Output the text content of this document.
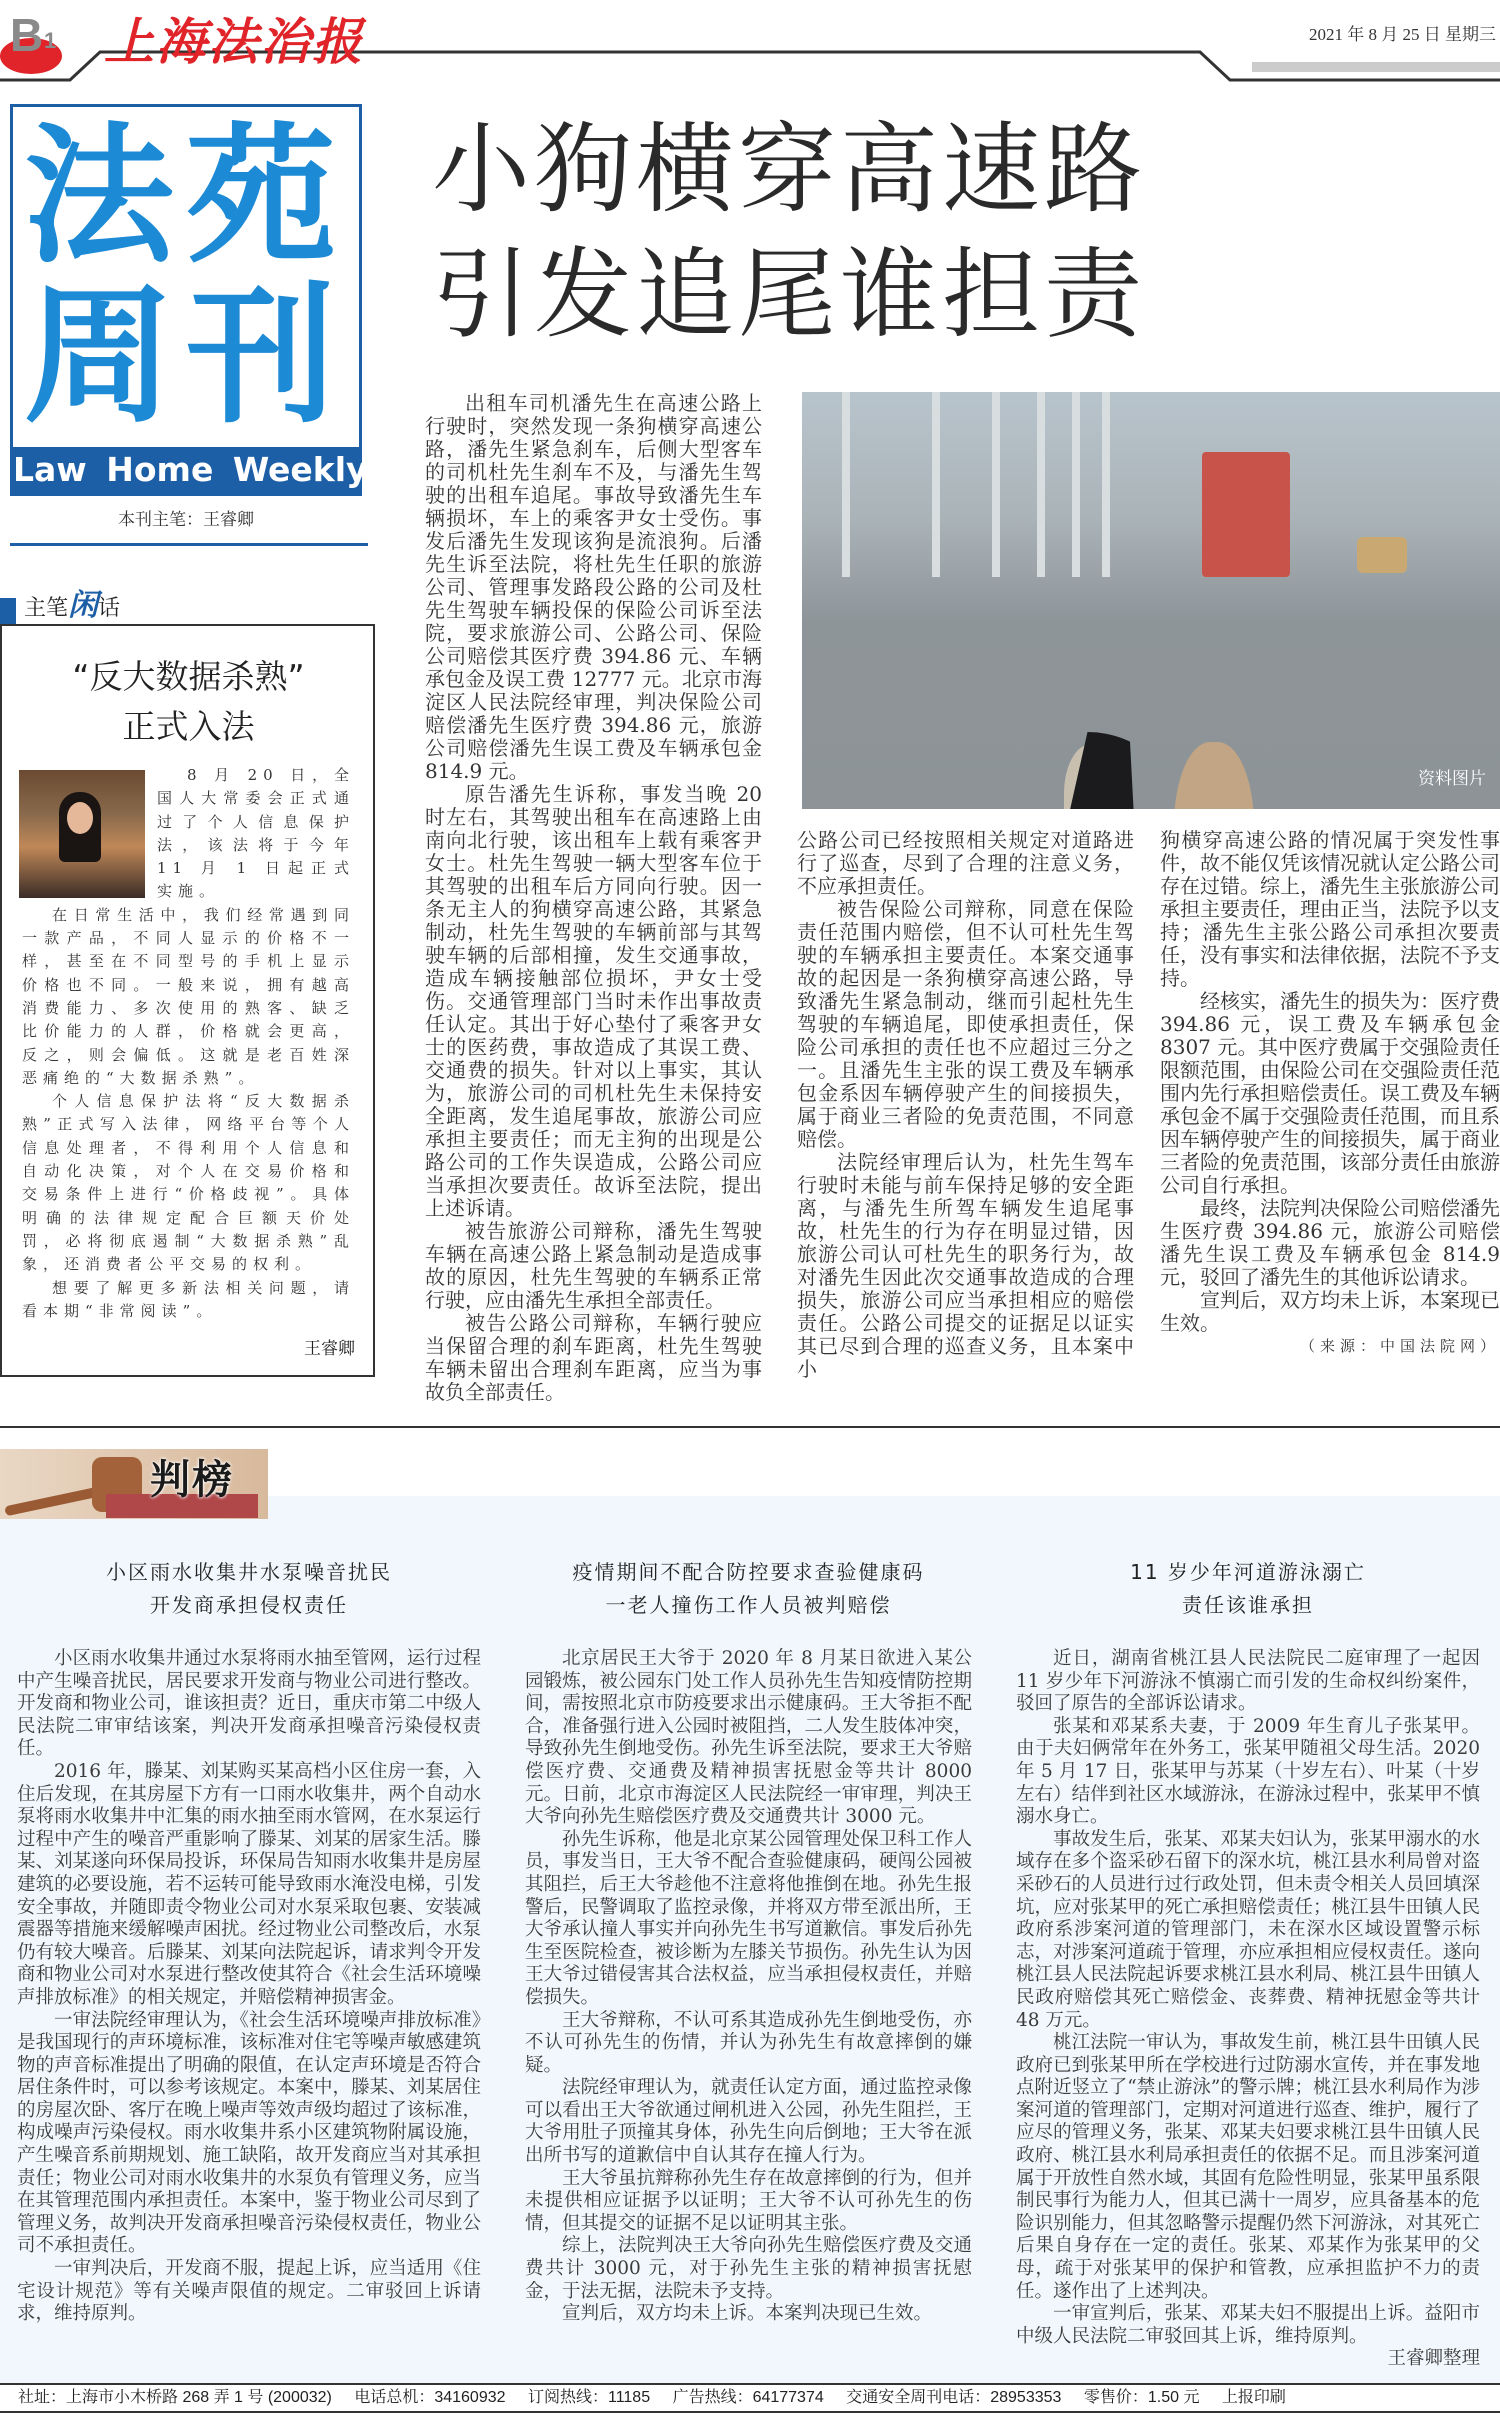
B 1 上海法治报	2021 年 8 月 25 日 星期三
法苑
周刊
Law Home Weekly
本刊主笔：王睿卿
主笔闲话
“反大数据杀熟”
正式入法

8 月 20 日，全国人大常委会正式通过了个人信息保护法，该法将于今年 11 月 1 日起正式实施。

在日常生活中，我们经常遇到同一款产品，不同人显示的价格不一样，甚至在不同型号的手机上显示价格也不同。一般来说，拥有越高消费能力、多次使用的熟客、缺乏比价能力的人群，价格就会更高，反之，则会偏低。这就是老百姓深恶痛绝的“大数据杀熟”。

个人信息保护法将“反大数据杀熟”正式写入法律，网络平台等个人信息处理者，不得利用个人信息和自动化决策，对个人在交易价格和交易条件上进行“价格歧视”。具体明确的法律规定配合巨额天价处罚，必将彻底遏制“大数据杀熟”乱象，还消费者公平交易的权利。

想要了解更多新法相关问题，请看本期“非常阅读”。

王睿卿
小狗横穿高速路
引发追尾谁担责

出租车司机潘先生在高速公路上行驶时，突然发现一条狗横穿高速公路，潘先生紧急刹车，后侧大型客车的司机杜先生刹车不及，与潘先生驾驶的出租车追尾。事故导致潘先生车辆损坏，车上的乘客尹女士受伤。事发后潘先生发现该狗是流浪狗。后潘先生诉至法院，将杜先生任职的旅游公司、管理事发路段公路的公司及杜先生驾驶车辆投保的保险公司诉至法院，要求旅游公司、公路公司、保险公司赔偿其医疗费 394.86 元、车辆承包金及误工费 12777 元。北京市海淀区人民法院经审理，判决保险公司赔偿潘先生医疗费 394.86 元，旅游公司赔偿潘先生误工费及车辆承包金 814.9 元。

原告潘先生诉称，事发当晚 20 时左右，其驾驶出租车在高速路上由南向北行驶，该出租车上载有乘客尹女士。杜先生驾驶一辆大型客车位于其驾驶的出租车后方同向行驶。因一条无主人的狗横穿高速公路，其紧急制动，杜先生驾驶的车辆前部与其驾驶车辆的后部相撞，发生交通事故，造成车辆接触部位损坏，尹女士受伤。交通管理部门当时未作出事故责任认定。其出于好心垫付了乘客尹女士的医药费，事故造成了其误工费、交通费的损失。针对以上事实，其认为，旅游公司的司机杜先生未保持安全距离，发生追尾事故，旅游公司应承担主要责任；而无主狗的出现是公路公司的工作失误造成，公路公司应当承担次要责任。故诉至法院，提出上述诉请。

被告旅游公司辩称，潘先生驾驶车辆在高速公路上紧急制动是造成事故的原因，杜先生驾驶的车辆系正常行驶，应由潘先生承担全部责任。

被告公路公司辩称，车辆行驶应当保留合理的刹车距离，杜先生驾驶车辆未留出合理刹车距离，应当为事故负全部责任。

资料图片

公路公司已经按照相关规定对道路进行了巡查，尽到了合理的注意义务，不应承担责任。

被告保险公司辩称，同意在保险责任范围内赔偿，但不认可杜先生驾驶的车辆承担主要责任。本案交通事故的起因是一条狗横穿高速公路，导致潘先生紧急制动，继而引起杜先生驾驶的车辆追尾，即使承担责任，保险公司承担的责任也不应超过三分之一。且潘先生主张的误工费及车辆承包金系因车辆停驶产生的间接损失，属于商业三者险的免责范围，不同意赔偿。

法院经审理后认为，杜先生驾车行驶时未能与前车保持足够的安全距离，与潘先生所驾车辆发生追尾事故，杜先生的行为存在明显过错，因旅游公司认可杜先生的职务行为，故对潘先生因此次交通事故造成的合理损失，旅游公司应当承担相应的赔偿责任。公路公司提交的证据足以证实其已尽到合理的巡查义务，且本案中小

狗横穿高速公路的情况属于突发性事件，故不能仅凭该情况就认定公路公司存在过错。综上，潘先生主张旅游公司承担主要责任，理由正当，法院予以支持；潘先生主张公路公司承担次要责任，没有事实和法律依据，法院不予支持。

经核实，潘先生的损失为：医疗费 394.86 元，误工费及车辆承包金 8307 元。其中医疗费属于交强险责任限额范围，由保险公司在交强险责任范围内先行承担赔偿责任。误工费及车辆承包金不属于交强险责任范围，而且系因车辆停驶产生的间接损失，属于商业三者险的免责范围，该部分责任由旅游公司自行承担。

最终，法院判决保险公司赔偿潘先生医疗费 394.86 元，旅游公司赔偿潘先生误工费及车辆承包金 814.9 元，驳回了潘先生的其他诉讼请求。

宣判后，双方均未上诉，本案现已生效。

（来源：中国法院网）
判榜
小区雨水收集井水泵噪音扰民
开发商承担侵权责任

小区雨水收集井通过水泵将雨水抽至管网，运行过程中产生噪音扰民，居民要求开发商与物业公司进行整改。开发商和物业公司，谁该担责？近日，重庆市第二中级人民法院二审审结该案，判决开发商承担噪音污染侵权责任。

2016 年，滕某、刘某购买某高档小区住房一套，入住后发现，在其房屋下方有一口雨水收集井，两个自动水泵将雨水收集井中汇集的雨水抽至雨水管网，在水泵运行过程中产生的噪音严重影响了滕某、刘某的居家生活。滕某、刘某遂向环保局投诉，环保局告知雨水收集井是房屋建筑的必要设施，若不运转可能导致雨水淹没电梯，引发安全事故，并随即责令物业公司对水泵采取包裹、安装减震器等措施来缓解噪声困扰。经过物业公司整改后，水泵仍有较大噪音。后滕某、刘某向法院起诉，请求判令开发商和物业公司对水泵进行整改使其符合《社会生活环境噪声排放标准》的相关规定，并赔偿精神损害金。

一审法院经审理认为，《社会生活环境噪声排放标准》是我国现行的声环境标准，该标准对住宅等噪声敏感建筑物的声音标准提出了明确的限值，在认定声环境是否符合居住条件时，可以参考该规定。本案中，滕某、刘某居住的房屋次卧、客厅在晚上噪声等效声级均超过了该标准，构成噪声污染侵权。雨水收集井系小区建筑物附属设施，产生噪音系前期规划、施工缺陷，故开发商应当对其承担责任；物业公司对雨水收集井的水泵负有管理义务，应当在其管理范围内承担责任。本案中，鉴于物业公司尽到了管理义务，故判决开发商承担噪音污染侵权责任，物业公司不承担责任。

一审判决后，开发商不服，提起上诉，应当适用《住宅设计规范》等有关噪声限值的规定。二审驳回上诉请求，维持原判。

疫情期间不配合防控要求查验健康码
一老人撞伤工作人员被判赔偿

北京居民王大爷于 2020 年 8 月某日欲进入某公园锻炼，被公园东门处工作人员孙先生告知疫情防控期间，需按照北京市防疫要求出示健康码。王大爷拒不配合，准备强行进入公园时被阻挡，二人发生肢体冲突，导致孙先生倒地受伤。孙先生诉至法院，要求王大爷赔偿医疗费、交通费及精神损害抚慰金等共计 8000 元。日前，北京市海淀区人民法院经一审审理，判决王大爷向孙先生赔偿医疗费及交通费共计 3000 元。

孙先生诉称，他是北京某公园管理处保卫科工作人员，事发当日，王大爷不配合查验健康码，硬闯公园被其阻拦，后王大爷趁他不注意将他推倒在地。孙先生报警后，民警调取了监控录像，并将双方带至派出所，王大爷承认撞人事实并向孙先生书写道歉信。事发后孙先生至医院检查，被诊断为左膝关节损伤。孙先生认为因王大爷过错侵害其合法权益，应当承担侵权责任，并赔偿损失。

王大爷辩称，不认可系其造成孙先生倒地受伤，亦不认可孙先生的伤情，并认为孙先生有故意摔倒的嫌疑。

法院经审理认为，就责任认定方面，通过监控录像可以看出王大爷欲通过闸机进入公园，孙先生阻拦，王大爷用肚子顶撞其身体，孙先生向后倒地；王大爷在派出所书写的道歉信中自认其存在撞人行为。

王大爷虽抗辩称孙先生存在故意摔倒的行为，但并未提供相应证据予以证明；王大爷不认可孙先生的伤情，但其提交的证据不足以证明其主张。

综上，法院判决王大爷向孙先生赔偿医疗费及交通费共计 3000 元，对于孙先生主张的精神损害抚慰金，于法无据，法院未予支持。

宣判后，双方均未上诉。本案判决现已生效。

11 岁少年河道游泳溺亡
责任该谁承担

近日，湖南省桃江县人民法院民二庭审理了一起因 11 岁少年下河游泳不慎溺亡而引发的生命权纠纷案件，驳回了原告的全部诉讼请求。

张某和邓某系夫妻，于 2009 年生育儿子张某甲。由于夫妇俩常年在外务工，张某甲随祖父母生活。2020 年 5 月 17 日，张某甲与苏某（十岁左右）、叶某（十岁左右）结伴到社区水域游泳，在游泳过程中，张某甲不慎溺水身亡。

事故发生后，张某、邓某夫妇认为，张某甲溺水的水域存在多个盗采砂石留下的深水坑，桃江县水利局曾对盗采砂石的人员进行过行政处罚，但未责令相关人员回填深坑，应对张某甲的死亡承担赔偿责任；桃江县牛田镇人民政府系涉案河道的管理部门，未在深水区域设置警示标志，对涉案河道疏于管理，亦应承担相应侵权责任。遂向桃江县人民法院起诉要求桃江县水利局、桃江县牛田镇人民政府赔偿其死亡赔偿金、丧葬费、精神抚慰金等共计 48 万元。

桃江法院一审认为，事故发生前，桃江县牛田镇人民政府已到张某甲所在学校进行过防溺水宣传，并在事发地点附近竖立了“禁止游泳”的警示牌；桃江县水利局作为涉案河道的管理部门，定期对河道进行巡查、维护，履行了应尽的管理义务，张某、邓某夫妇要求桃江县牛田镇人民政府、桃江县水利局承担责任的依据不足。而且涉案河道属于开放性自然水域，其固有危险性明显，张某甲虽系限制民事行为能力人，但其已满十一周岁，应具备基本的危险识别能力，但其忽略警示提醒仍然下河游泳，对其死亡后果自身存在一定的责任。张某、邓某作为张某甲的父母，疏于对张某甲的保护和管教，应承担监护不力的责任。遂作出了上述判决。

一审宣判后，张某、邓某夫妇不服提出上诉。益阳市中级人民法院二审驳回其上诉，维持原判。

王睿卿整理
社址：上海市小木桥路 268 弄 1 号 (200032) 电话总机：34160932 订阅热线：11185 广告热线：64177374 交通安全周刊电话：28953353 零售价：1.50 元 上报印刷
